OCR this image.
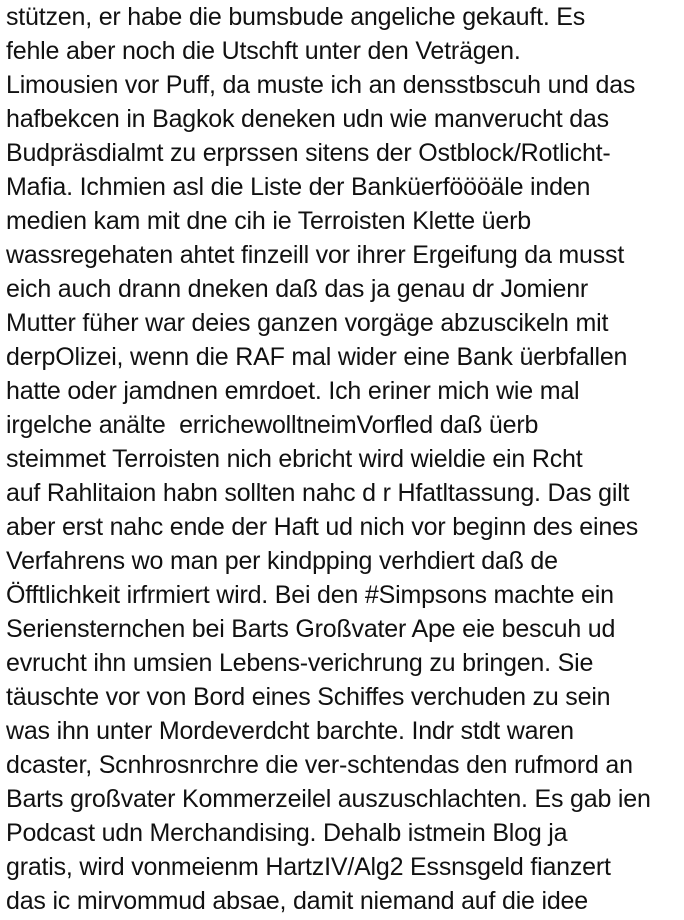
stützen, er habe die bumsbude angeliche gekauft. Es
fehle aber noch die Utschft unter den Veträgen.
Limousien vor Puff, da muste ich an densstbscuh und das
hafbekcen in Bagkok deneken udn wie manverucht das
Budpräsdialmt zu erprssen sitens der Ostblock/Rotlicht-
Mafia. Ichmien asl die Liste der Banküerföööäle inden
medien kam mit dne cih ie Terroisten Klette üerb
wassregehaten ahtet finzeill vor ihrer Ergeifung da musst
eich auch drann dneken daß das ja genau dr Jomienr
Mutter füher war deies ganzen vorgäge abzuscikeln mit
derpOlizei, wenn die RAF mal wider eine Bank üerbfallen
hatte oder jamdnen emrdoet. Ich eriner mich wie mal
irgelche anälte  errichewolltneimVorfled daß üerb
steimmet Terroisten nich ebricht wird wieldie ein Rcht
auf Rahlitaion habn sollten nahc d r Hfatltassung. Das gilt
aber erst nahc ende der Haft ud nich vor beginn des eines
Verfahrens wo man per kindpping verhdiert daß de
Öfftlichkeit irfrmiert wird. Bei den #Simpsons machte ein
Seriensternchen bei Barts Großvater Ape eie bescuh ud
evrucht ihn umsien Lebens-verichrung zu bringen. Sie
täuschte vor von Bord eines Schiffes verchuden zu sein
was ihn unter Mordeverdcht barchte. Indr stdt waren
dcaster, Scnhrosnrchre die ver-schtendas den rufmord an
Barts großvater Kommerzeilel auszuschlachten. Es gab ien
Podcast udn Merchandising. Dehalb istmein Blog ja
gratis, wird vonmeienm HartzIV/Alg2 Essnsgeld fianzert
das ic mirvommud absae, damit niemand auf die idee
